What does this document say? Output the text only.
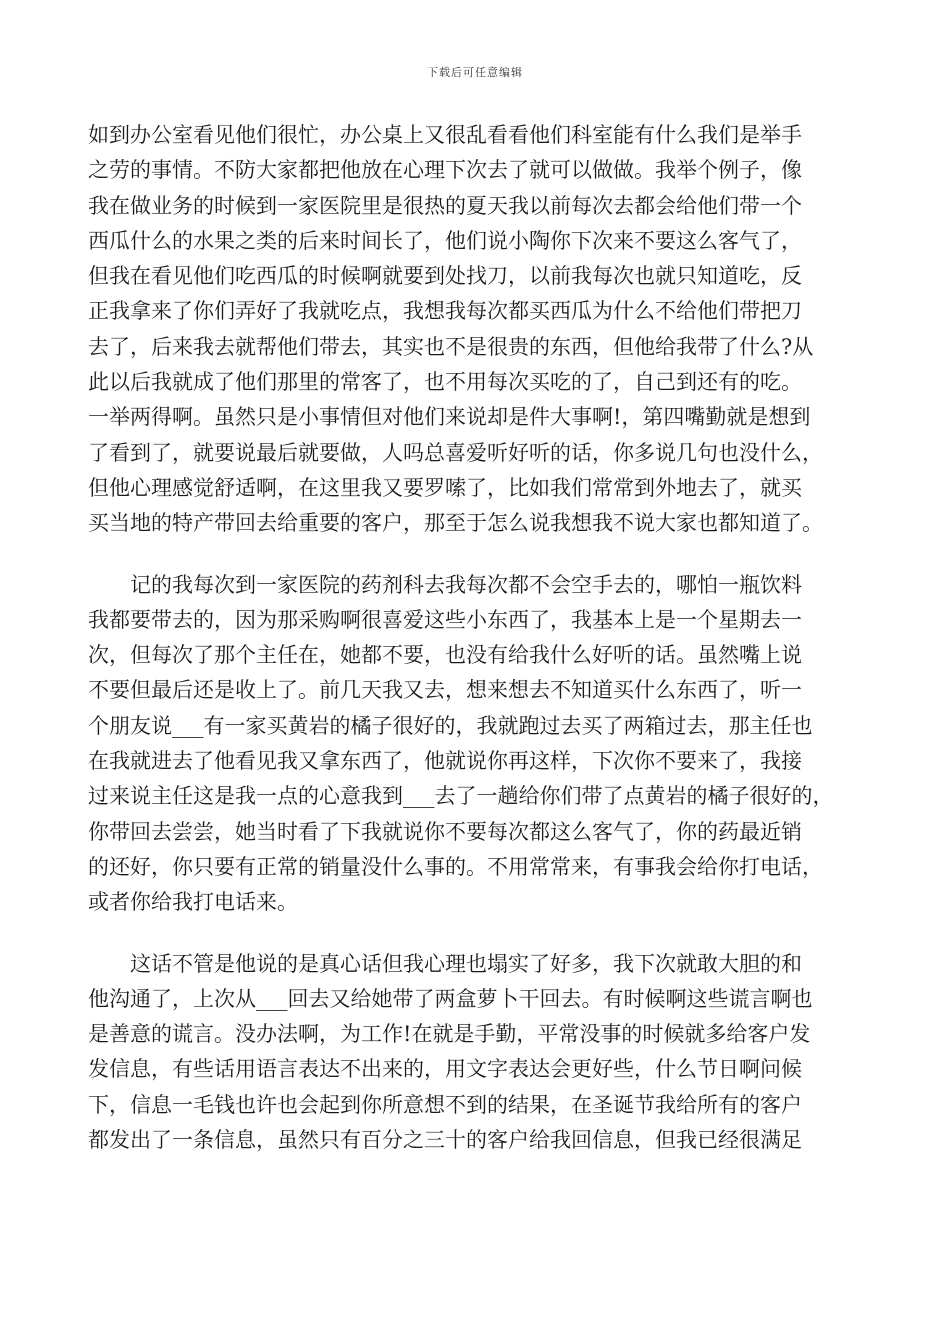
下载后可任意编辑

如到办公室看见他们很忙，办公桌上又很乱看看他们科室能有什么我们是举手
之劳的事情。不防大家都把他放在心理下次去了就可以做做。我举个例子，像
我在做业务的时候到一家医院里是很热的夏天我以前每次去都会给他们带一个
西瓜什么的水果之类的后来时间长了，他们说小陶你下次来不要这么客气了，
但我在看见他们吃西瓜的时候啊就要到处找刀，以前我每次也就只知道吃，反
正我拿来了你们弄好了我就吃点，我想我每次都买西瓜为什么不给他们带把刀
去了，后来我去就帮他们带去，其实也不是很贵的东西，但他给我带了什么?从
此以后我就成了他们那里的常客了，也不用每次买吃的了，自己到还有的吃。
一举两得啊。虽然只是小事情但对他们来说却是件大事啊!，第四嘴勤就是想到
了看到了，就要说最后就要做，人吗总喜爱听好听的话，你多说几句也没什么，
但他心理感觉舒适啊，在这里我又要罗嗦了，比如我们常常到外地去了，就买
买当地的特产带回去给重要的客户，那至于怎么说我想我不说大家也都知道了。

　　记的我每次到一家医院的药剂科去我每次都不会空手去的，哪怕一瓶饮料
我都要带去的，因为那采购啊很喜爱这些小东西了，我基本上是一个星期去一
次，但每次了那个主任在，她都不要，也没有给我什么好听的话。虽然嘴上说
不要但最后还是收上了。前几天我又去，想来想去不知道买什么东西了，听一
个朋友说___有一家买黄岩的橘子很好的，我就跑过去买了两箱过去，那主任也
在我就进去了他看见我又拿东西了，他就说你再这样，下次你不要来了，我接
过来说主任这是我一点的心意我到___去了一趟给你们带了点黄岩的橘子很好的，
你带回去尝尝，她当时看了下我就说你不要每次都这么客气了，你的药最近销
的还好，你只要有正常的销量没什么事的。不用常常来，有事我会给你打电话，
或者你给我打电话来。

　　这话不管是他说的是真心话但我心理也塌实了好多，我下次就敢大胆的和
他沟通了，上次从___回去又给她带了两盒萝卜干回去。有时候啊这些谎言啊也
是善意的谎言。没办法啊，为工作!在就是手勤，平常没事的时候就多给客户发
发信息，有些话用语言表达不出来的，用文字表达会更好些，什么节日啊问候
下，信息一毛钱也许也会起到你所意想不到的结果，在圣诞节我给所有的客户
都发出了一条信息，虽然只有百分之三十的客户给我回信息，但我已经很满足
